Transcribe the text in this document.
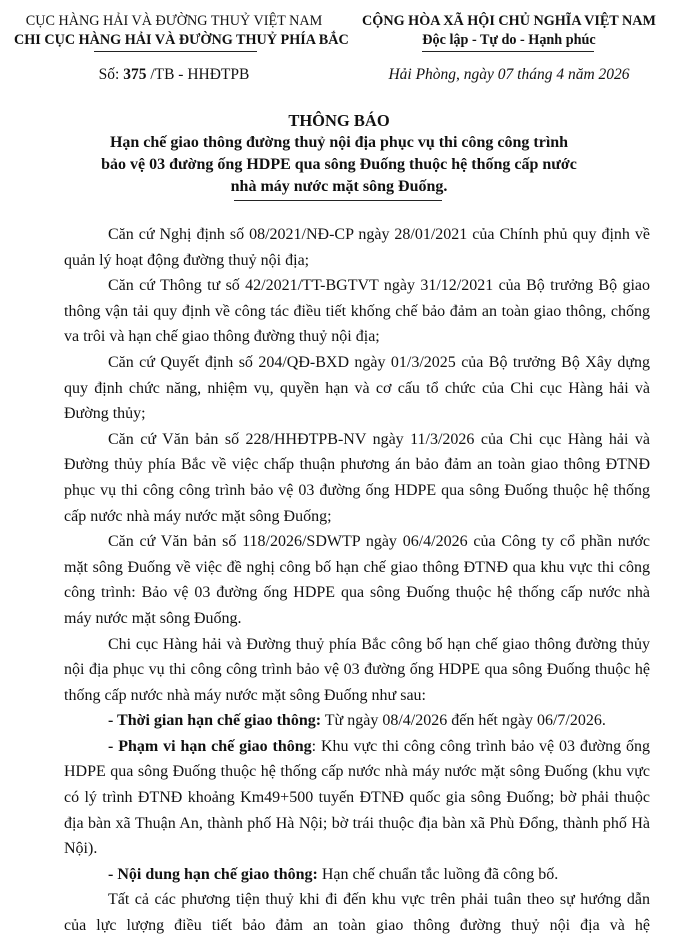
CỤC HÀNG HẢI VÀ ĐƯỜNG THUỶ VIỆT NAM
CHI CỤC HÀNG HẢI VÀ ĐƯỜNG THUỶ PHÍA BẮC
CỘNG HÒA XÃ HỘI CHỦ NGHĨA VIỆT NAM
Độc lập - Tự do - Hạnh phúc
Số: 375 /TB - HHĐTPB	Hải Phòng, ngày 07 tháng 4 năm 2026
THÔNG BÁO
Hạn chế giao thông đường thuỷ nội địa phục vụ thi công công trình
bảo vệ 03 đường ống HDPE qua sông Đuống thuộc hệ thống cấp nước
nhà máy nước mặt sông Đuống.

Căn cứ Nghị định số 08/2021/NĐ-CP ngày 28/01/2021 của Chính phủ quy định về quản lý hoạt động đường thuỷ nội địa;

Căn cứ Thông tư số 42/2021/TT-BGTVT ngày 31/12/2021 của Bộ trưởng Bộ giao thông vận tải quy định về công tác điều tiết khống chế bảo đảm an toàn giao thông, chống va trôi và hạn chế giao thông đường thuỷ nội địa;

Căn cứ Quyết định số 204/QĐ-BXD ngày 01/3/2025 của Bộ trưởng Bộ Xây dựng quy định chức năng, nhiệm vụ, quyền hạn và cơ cấu tổ chức của Chi cục Hàng hải và Đường thủy;

Căn cứ Văn bản số 228/HHĐTPB-NV ngày 11/3/2026 của Chi cục Hàng hải và Đường thủy phía Bắc về việc chấp thuận phương án bảo đảm an toàn giao thông ĐTNĐ phục vụ thi công công trình bảo vệ 03 đường ống HDPE qua sông Đuống thuộc hệ thống cấp nước nhà máy nước mặt sông Đuống;

Căn cứ Văn bản số 118/2026/SDWTP ngày 06/4/2026 của Công ty cổ phần nước mặt sông Đuống về việc đề nghị công bố hạn chế giao thông ĐTNĐ qua khu vực thi công công trình: Bảo vệ 03 đường ống HDPE qua sông Đuống thuộc hệ thống cấp nước nhà máy nước mặt sông Đuống.

Chi cục Hàng hải và Đường thuỷ phía Bắc công bố hạn chế giao thông đường thủy nội địa phục vụ thi công công trình bảo vệ 03 đường ống HDPE qua sông Đuống thuộc hệ thống cấp nước nhà máy nước mặt sông Đuống như sau:

- Thời gian hạn chế giao thông: Từ ngày 08/4/2026 đến hết ngày 06/7/2026.

- Phạm vi hạn chế giao thông: Khu vực thi công công trình bảo vệ 03 đường ống HDPE qua sông Đuống thuộc hệ thống cấp nước nhà máy nước mặt sông Đuống (khu vực có lý trình ĐTNĐ khoảng Km49+500 tuyến ĐTNĐ quốc gia sông Đuống; bờ phải thuộc địa bàn xã Thuận An, thành phố Hà Nội; bờ trái thuộc địa bàn xã Phù Đổng, thành phố Hà Nội).

- Nội dung hạn chế giao thông: Hạn chế chuẩn tắc luồng đã công bố.

Tất cả các phương tiện thuỷ khi đi đến khu vực trên phải tuân theo sự hướng dẫn của lực lượng điều tiết bảo đảm an toàn giao thông đường thuỷ nội địa và hệ
